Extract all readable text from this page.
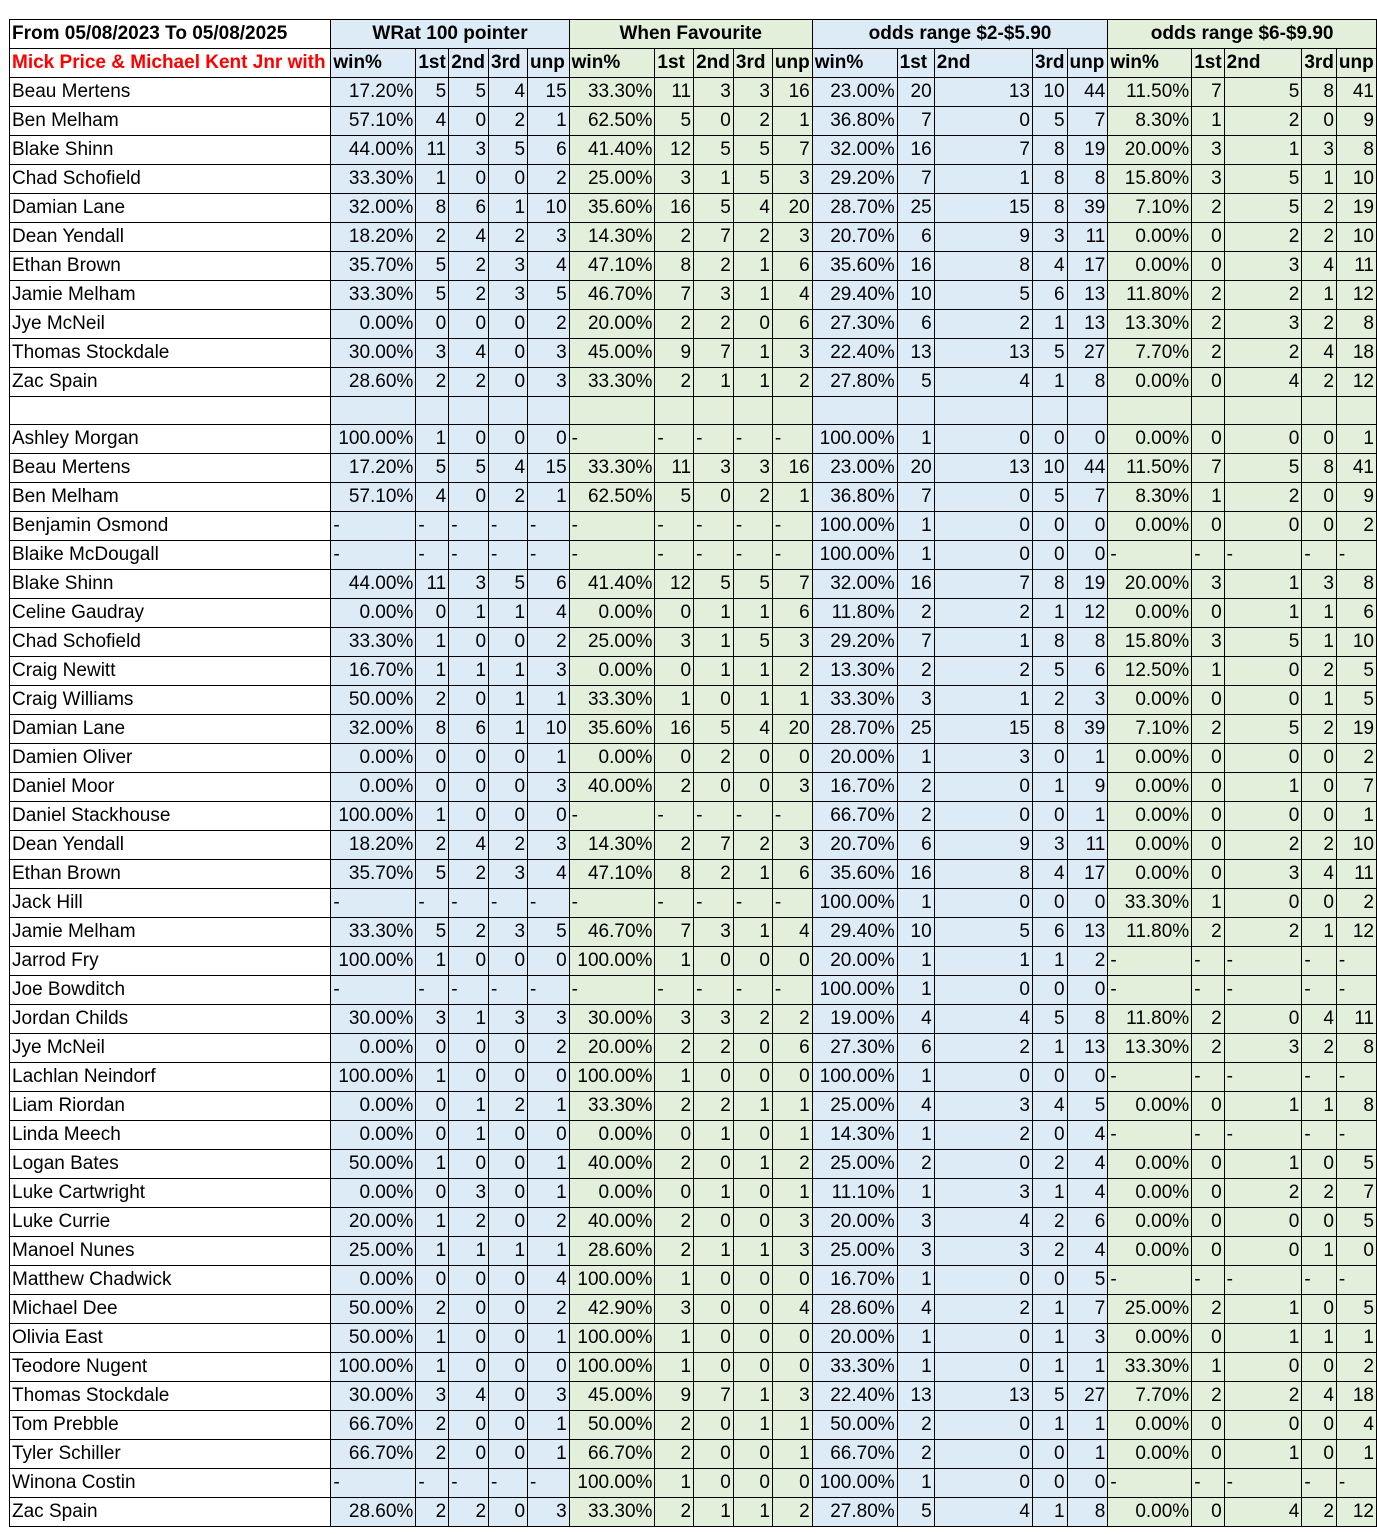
From 05/08/2023 To 05/08/2025	WRat 100 pointer					When Favourite					odds range $2-$5.90					odds range $6-$9.90				
Mick Price & Michael Kent Jnr with	win%	1st	2nd	3rd	unp	win%	1st	2nd	3rd	unp	win%	1st	2nd	3rd	unp	win%	1st	2nd	3rd	unp
Beau Mertens	17.20%	5	5	4	15	33.30%	11	3	3	16	23.00%	20	13	10	44	11.50%	7	5	8	41
Ben Melham	57.10%	4	0	2	1	62.50%	5	0	2	1	36.80%	7	0	5	7	8.30%	1	2	0	9
Blake Shinn	44.00%	11	3	5	6	41.40%	12	5	5	7	32.00%	16	7	8	19	20.00%	3	1	3	8
Chad Schofield	33.30%	1	0	0	2	25.00%	3	1	5	3	29.20%	7	1	8	8	15.80%	3	5	1	10
Damian Lane	32.00%	8	6	1	10	35.60%	16	5	4	20	28.70%	25	15	8	39	7.10%	2	5	2	19
Dean Yendall	18.20%	2	4	2	3	14.30%	2	7	2	3	20.70%	6	9	3	11	0.00%	0	2	2	10
Ethan Brown	35.70%	5	2	3	4	47.10%	8	2	1	6	35.60%	16	8	4	17	0.00%	0	3	4	11
Jamie Melham	33.30%	5	2	3	5	46.70%	7	3	1	4	29.40%	10	5	6	13	11.80%	2	2	1	12
Jye McNeil	0.00%	0	0	0	2	20.00%	2	2	0	6	27.30%	6	2	1	13	13.30%	2	3	2	8
Thomas Stockdale	30.00%	3	4	0	3	45.00%	9	7	1	3	22.40%	13	13	5	27	7.70%	2	2	4	18
Zac Spain	28.60%	2	2	0	3	33.30%	2	1	1	2	27.80%	5	4	1	8	0.00%	0	4	2	12

Ashley Morgan	100.00%	1	0	0	0	-	-	-	-	-	100.00%	1	0	0	0	0.00%	0	0	0	1
Beau Mertens	17.20%	5	5	4	15	33.30%	11	3	3	16	23.00%	20	13	10	44	11.50%	7	5	8	41
Ben Melham	57.10%	4	0	2	1	62.50%	5	0	2	1	36.80%	7	0	5	7	8.30%	1	2	0	9
Benjamin Osmond	-	-	-	-	-	-	-	-	-	-	100.00%	1	0	0	0	0.00%	0	0	0	2
Blaike McDougall	-	-	-	-	-	-	-	-	-	-	100.00%	1	0	0	0	-	-	-	-	-
Blake Shinn	44.00%	11	3	5	6	41.40%	12	5	5	7	32.00%	16	7	8	19	20.00%	3	1	3	8
Celine Gaudray	0.00%	0	1	1	4	0.00%	0	1	1	6	11.80%	2	2	1	12	0.00%	0	1	1	6
Chad Schofield	33.30%	1	0	0	2	25.00%	3	1	5	3	29.20%	7	1	8	8	15.80%	3	5	1	10
Craig Newitt	16.70%	1	1	1	3	0.00%	0	1	1	2	13.30%	2	2	5	6	12.50%	1	0	2	5
Craig Williams	50.00%	2	0	1	1	33.30%	1	0	1	1	33.30%	3	1	2	3	0.00%	0	0	1	5
Damian Lane	32.00%	8	6	1	10	35.60%	16	5	4	20	28.70%	25	15	8	39	7.10%	2	5	2	19
Damien Oliver	0.00%	0	0	0	1	0.00%	0	2	0	0	20.00%	1	3	0	1	0.00%	0	0	0	2
Daniel Moor	0.00%	0	0	0	3	40.00%	2	0	0	3	16.70%	2	0	1	9	0.00%	0	1	0	7
Daniel Stackhouse	100.00%	1	0	0	0	-	-	-	-	-	66.70%	2	0	0	1	0.00%	0	0	0	1
Dean Yendall	18.20%	2	4	2	3	14.30%	2	7	2	3	20.70%	6	9	3	11	0.00%	0	2	2	10
Ethan Brown	35.70%	5	2	3	4	47.10%	8	2	1	6	35.60%	16	8	4	17	0.00%	0	3	4	11
Jack Hill	-	-	-	-	-	-	-	-	-	-	100.00%	1	0	0	0	33.30%	1	0	0	2
Jamie Melham	33.30%	5	2	3	5	46.70%	7	3	1	4	29.40%	10	5	6	13	11.80%	2	2	1	12
Jarrod Fry	100.00%	1	0	0	0	100.00%	1	0	0	0	20.00%	1	1	1	2	-	-	-	-	-
Joe Bowditch	-	-	-	-	-	-	-	-	-	-	100.00%	1	0	0	0	-	-	-	-	-
Jordan Childs	30.00%	3	1	3	3	30.00%	3	3	2	2	19.00%	4	4	5	8	11.80%	2	0	4	11
Jye McNeil	0.00%	0	0	0	2	20.00%	2	2	0	6	27.30%	6	2	1	13	13.30%	2	3	2	8
Lachlan Neindorf	100.00%	1	0	0	0	100.00%	1	0	0	0	100.00%	1	0	0	0	-	-	-	-	-
Liam Riordan	0.00%	0	1	2	1	33.30%	2	2	1	1	25.00%	4	3	4	5	0.00%	0	1	1	8
Linda Meech	0.00%	0	1	0	0	0.00%	0	1	0	1	14.30%	1	2	0	4	-	-	-	-	-
Logan Bates	50.00%	1	0	0	1	40.00%	2	0	1	2	25.00%	2	0	2	4	0.00%	0	1	0	5
Luke Cartwright	0.00%	0	3	0	1	0.00%	0	1	0	1	11.10%	1	3	1	4	0.00%	0	2	2	7
Luke Currie	20.00%	1	2	0	2	40.00%	2	0	0	3	20.00%	3	4	2	6	0.00%	0	0	0	5
Manoel Nunes	25.00%	1	1	1	1	28.60%	2	1	1	3	25.00%	3	3	2	4	0.00%	0	0	1	0
Matthew Chadwick	0.00%	0	0	0	4	100.00%	1	0	0	0	16.70%	1	0	0	5	-	-	-	-	-
Michael Dee	50.00%	2	0	0	2	42.90%	3	0	0	4	28.60%	4	2	1	7	25.00%	2	1	0	5
Olivia East	50.00%	1	0	0	1	100.00%	1	0	0	0	20.00%	1	0	1	3	0.00%	0	1	1	1
Teodore Nugent	100.00%	1	0	0	0	100.00%	1	0	0	0	33.30%	1	0	1	1	33.30%	1	0	0	2
Thomas Stockdale	30.00%	3	4	0	3	45.00%	9	7	1	3	22.40%	13	13	5	27	7.70%	2	2	4	18
Tom Prebble	66.70%	2	0	0	1	50.00%	2	0	1	1	50.00%	2	0	1	1	0.00%	0	0	0	4
Tyler Schiller	66.70%	2	0	0	1	66.70%	2	0	0	1	66.70%	2	0	0	1	0.00%	0	1	0	1
Winona Costin	-	-	-	-	-	100.00%	1	0	0	0	100.00%	1	0	0	0	-	-	-	-	-
Zac Spain	28.60%	2	2	0	3	33.30%	2	1	1	2	27.80%	5	4	1	8	0.00%	0	4	2	12
